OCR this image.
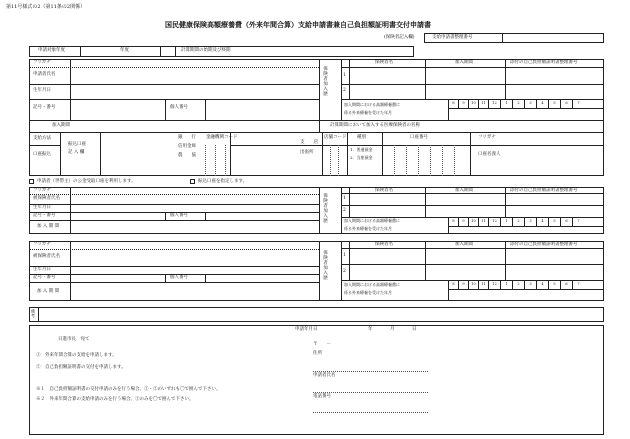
第11号様式の2（第11条の2関係）
国民健康保険高額療養費（外来年間合算）支給申請書兼自己負担額証明書交付申請書
(保険者記入欄)	支給申請書整理番号
申請対象年度	年度	計算期間の始期及び終期
フリガナ
申請者氏名
生年月日
記号・番号	個人番号
加入期間	計算期間において加入する医療保険者の名称
保険者加入歴
保険者名	加入期間	添付の自己負担額証明書整理番号
1
2
加入期間における高額療養費に
係る外来療養を受けた年月
8	9	10	11	12	1	2	3	4	5	6	7
支給方法
口座振込
振込口座
記 入 欄
銀　　行
信用金庫
農　　協
金融機関コード
支　　店
出張所
店舗コード 種別
1．普通預金
2．当座預金
口座番号	フリガナ
口座名義人
申請者（世帯主）の公金受取口座を利用します。	振込口座を指定します。
フリガナ
被保険者氏名
生年月日
記号・番号	個人番号
加 入 期 間
保険者加入歴
保険者名	加入期間	添付の自己負担額証明書整理番号
1
2
加入期間における高額療養費に
係る外来療養を受けた年月
8	9	10	11	12	1	2	3	4	5	6	7
フリガナ
被保険者氏名
生年月日
記号・番号	個人番号
加 入 期 間
保険者加入歴
保険者名	加入期間	添付の自己負担額証明書整理番号
1
2
加入期間における高額療養費に
係る外来療養を受けた年月
8	9	10	11	12	1	2	3	4	5	6	7
備考
申請年月日	年	月	日
日進市長　宛て
①　外来年間合算の支給を申請します。
②　自己負担額証明書の交付を申請します。
※１　自己負担額証明書の交付申請のみを行う場合、①・②のいずれも〇で囲んで下さい。
※２　外来年間合算の支給申請のみを行う場合、①のみを〇で囲んで下さい。
〒　　－
住所
申請者氏名
電話番号
